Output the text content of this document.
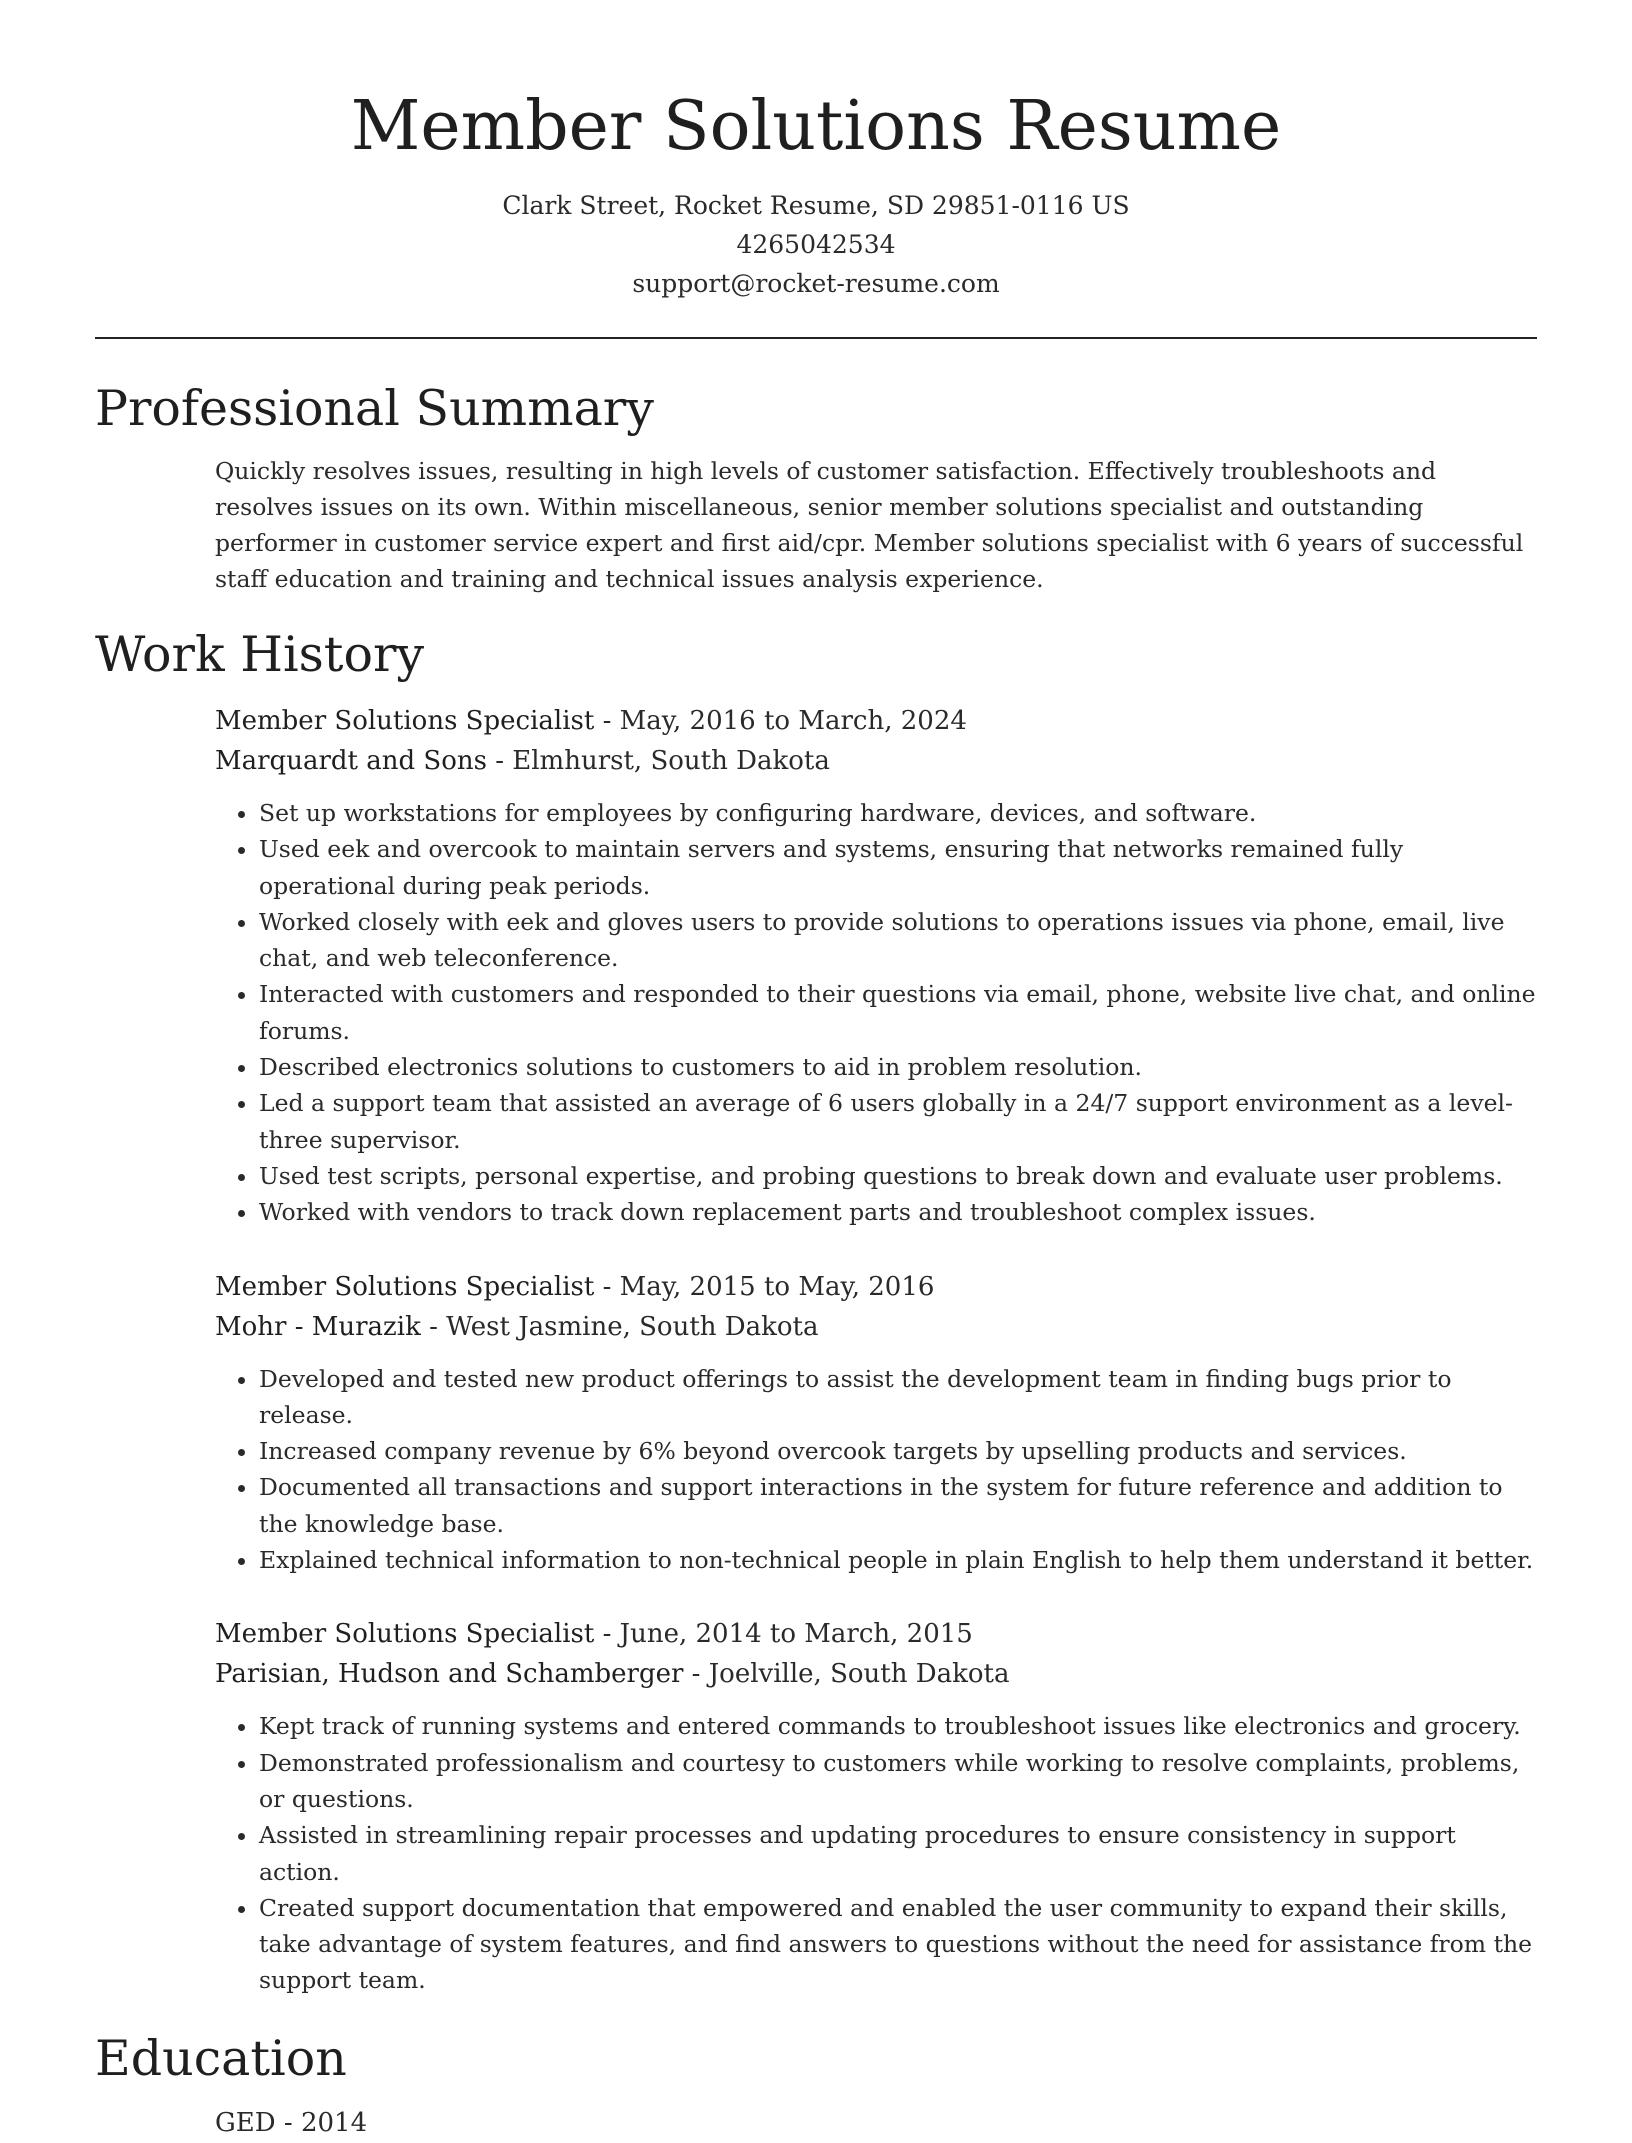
Member Solutions Resume
Clark Street, Rocket Resume, SD 29851-0116 US
4265042534
support@rocket-resume.com
Professional Summary

Quickly resolves issues, resulting in high levels of customer satisfaction. Effectively troubleshoots and resolves issues on its own. Within miscellaneous, senior member solutions specialist and outstanding performer in customer service expert and first aid/cpr. Member solutions specialist with 6 years of successful staff education and training and technical issues analysis experience.

Work History

Member Solutions Specialist - May, 2016 to March, 2024

Marquardt and Sons - Elmhurst, South Dakota

• Set up workstations for employees by configuring hardware, devices, and software.
• Used eek and overcook to maintain servers and systems, ensuring that networks remained fully operational during peak periods.
• Worked closely with eek and gloves users to provide solutions to operations issues via phone, email, live chat, and web teleconference.
• Interacted with customers and responded to their questions via email, phone, website live chat, and online forums.
• Described electronics solutions to customers to aid in problem resolution.
• Led a support team that assisted an average of 6 users globally in a 24/7 support environment as a level-three supervisor.
• Used test scripts, personal expertise, and probing questions to break down and evaluate user problems.
• Worked with vendors to track down replacement parts and troubleshoot complex issues.

Member Solutions Specialist - May, 2015 to May, 2016

Mohr - Murazik - West Jasmine, South Dakota

• Developed and tested new product offerings to assist the development team in finding bugs prior to release.
• Increased company revenue by 6% beyond overcook targets by upselling products and services.
• Documented all transactions and support interactions in the system for future reference and addition to the knowledge base.
• Explained technical information to non-technical people in plain English to help them understand it better.

Member Solutions Specialist - June, 2014 to March, 2015

Parisian, Hudson and Schamberger - Joelville, South Dakota

• Kept track of running systems and entered commands to troubleshoot issues like electronics and grocery.
• Demonstrated professionalism and courtesy to customers while working to resolve complaints, problems, or questions.
• Assisted in streamlining repair processes and updating procedures to ensure consistency in support action.
• Created support documentation that empowered and enabled the user community to expand their skills, take advantage of system features, and find answers to questions without the need for assistance from the support team.
Education
GED - 2014
